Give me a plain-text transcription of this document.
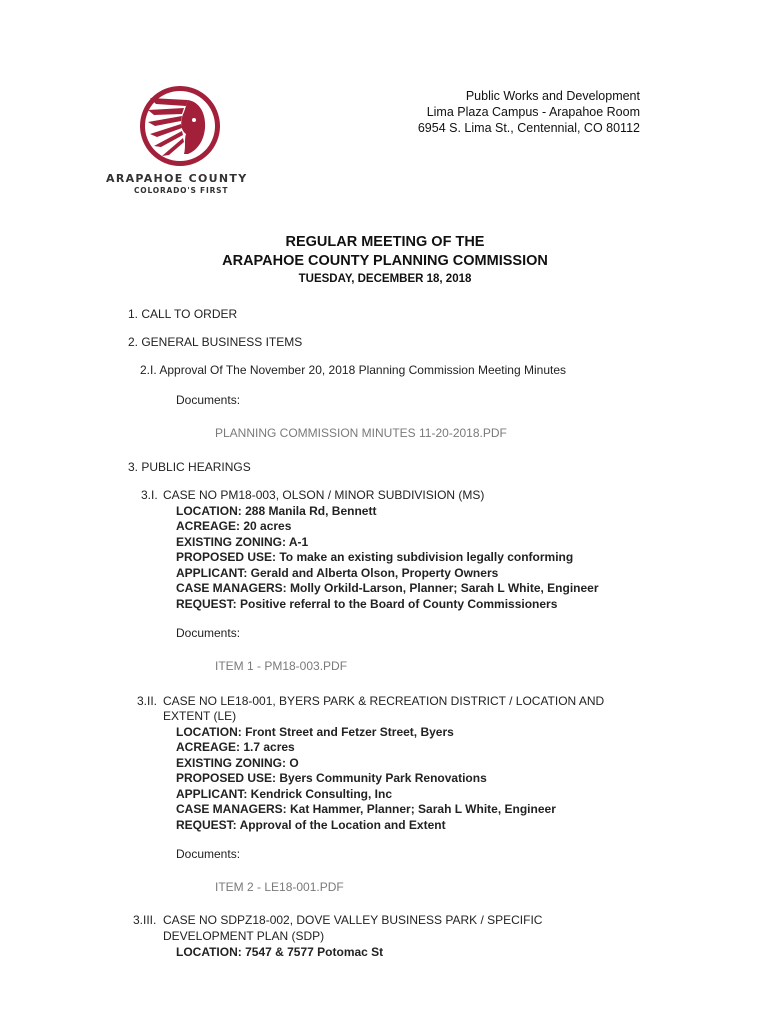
ARAPAHOE COUNTY
COLORADO'S FIRST
Public Works and Development
Lima Plaza Campus - Arapahoe Room
6954 S. Lima St., Centennial, CO 80112
REGULAR MEETING OF THE
ARAPAHOE COUNTY PLANNING COMMISSION
TUESDAY, DECEMBER 18, 2018
1. CALL TO ORDER
2. GENERAL BUSINESS ITEMS
2.I. Approval Of The November 20, 2018 Planning Commission Meeting Minutes
Documents:
PLANNING COMMISSION MINUTES 11-20-2018.PDF
3. PUBLIC HEARINGS
3.I. CASE NO PM18-003, OLSON / MINOR SUBDIVISION (MS)
LOCATION: 288 Manila Rd, Bennett
ACREAGE: 20 acres
EXISTING ZONING: A-1
PROPOSED USE: To make an existing subdivision legally conforming
APPLICANT: Gerald and Alberta Olson, Property Owners
CASE MANAGERS: Molly Orkild-Larson, Planner; Sarah L White, Engineer
REQUEST: Positive referral to the Board of County Commissioners
Documents:
ITEM 1 - PM18-003.PDF
3.II. CASE NO LE18-001, BYERS PARK & RECREATION DISTRICT / LOCATION AND
EXTENT (LE)
LOCATION: Front Street and Fetzer Street, Byers
ACREAGE: 1.7 acres
EXISTING ZONING: O
PROPOSED USE: Byers Community Park Renovations
APPLICANT: Kendrick Consulting, Inc
CASE MANAGERS: Kat Hammer, Planner; Sarah L White, Engineer
REQUEST: Approval of the Location and Extent
Documents:
ITEM 2 - LE18-001.PDF
3.III. CASE NO SDPZ18-002, DOVE VALLEY BUSINESS PARK / SPECIFIC
DEVELOPMENT PLAN (SDP)
LOCATION: 7547 & 7577 Potomac St
